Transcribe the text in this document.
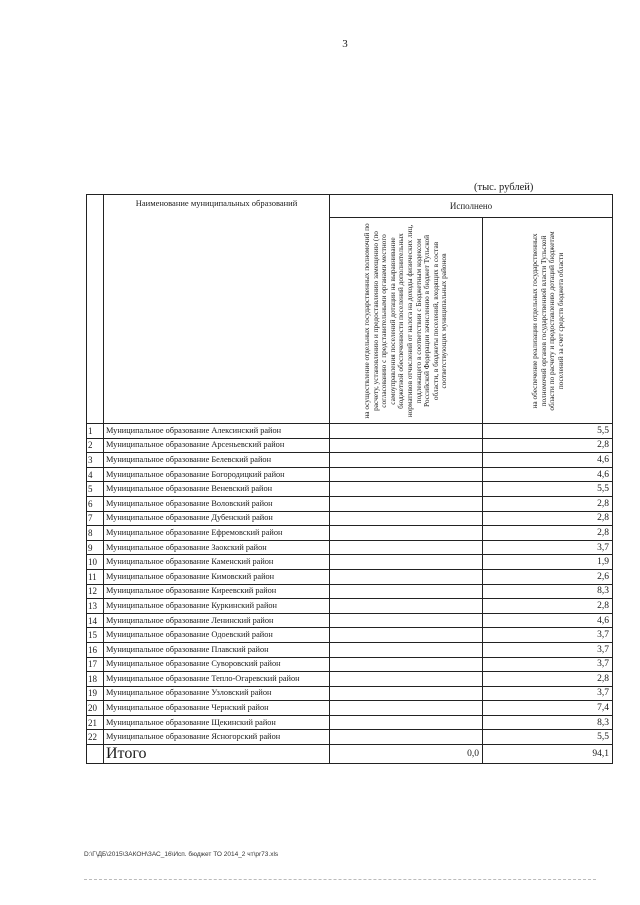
3
(тыс. рублей)
	Наименование муниципальных образований	Исполнено	

		на осуществление отдельных государственных полномочий по расчету, установлению и предоставлению замещению (по согласованию с представительными органами местного самоуправления поселений дотации на выравнивание бюджетной обеспеченности поселений дополнительных нормативов отчислений от налога на доходы физических лиц, подлежащего в соответствии с Бюджетным кодексом Российской Федерации зачислению в бюджет Тульской области, в бюджеты поселений, входящих в состав соответствующих муниципальных районов	на обеспечение реализации отдельных государственных полномочий органов государственной власти Тульской области по расчету и предоставлению дотаций бюджетам поселений за счет средств бюджета области

1	Муниципальное образование Алексинский район		5,5
2	Муниципальное образование Арсеньевский район		2,8
3	Муниципальное образование Белевский район		4,6
4	Муниципальное образование Богородицкий район		4,6
5	Муниципальное образование Веневский район		5,5
6	Муниципальное образование Воловский район		2,8
7	Муниципальное образование Дубенский район		2,8
8	Муниципальное образование Ефремовский район		2,8
9	Муниципальное образование Заокский район		3,7
10	Муниципальное образование Каменский район		1,9
11	Муниципальное образование Кимовский район		2,6
12	Муниципальное образование Киреевский район		8,3
13	Муниципальное образование Куркинский район		2,8
14	Муниципальное образование Ленинский район		4,6
15	Муниципальное образование Одоевский район		3,7
16	Муниципальное образование Плавский район		3,7
17	Муниципальное образование Суворовский район		3,7
18	Муниципальное образование Тепло-Огаревский район		2,8
19	Муниципальное образование Узловский район		3,7
20	Муниципальное образование Чернский район		7,4
21	Муниципальное образование Щекинский район		8,3
22	Муниципальное образование Ясногорский район		5,5
	Итого	0,0	94,1
D:\Г\ДБ\2015\ЗАКОН\ЗАС_16\Исп. бюджет ТО 2014_2 чт\pr73.xls
